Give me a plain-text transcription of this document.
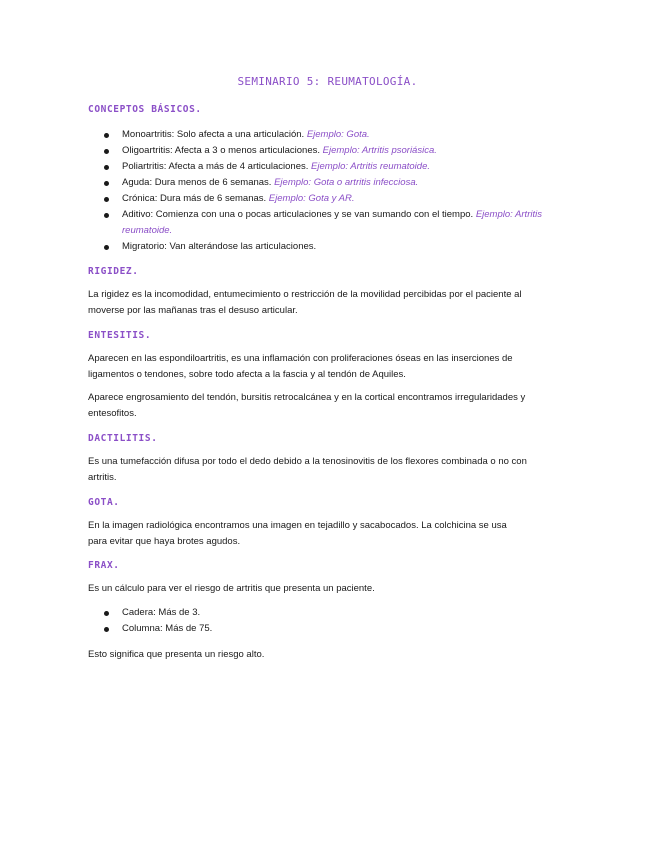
SEMINARIO 5: REUMATOLOGÍA.
CONCEPTOS BÁSICOS.
Monoartritis: Solo afecta a una articulación. Ejemplo: Gota.
Oligoartritis: Afecta a 3 o menos articulaciones. Ejemplo: Artritis psoriásica.
Poliartritis: Afecta a más de 4 articulaciones. Ejemplo: Artritis reumatoide.
Aguda: Dura menos de 6 semanas. Ejemplo: Gota o artritis infecciosa.
Crónica: Dura más de 6 semanas. Ejemplo: Gota y AR.
Aditivo: Comienza con una o pocas articulaciones y se van sumando con el tiempo. Ejemplo: Artritis reumatoide.
Migratorio: Van alterándose las articulaciones.
RIGIDEZ.
La rigidez es la incomodidad, entumecimiento o restricción de la movilidad percibidas por el paciente al moverse por las mañanas tras el desuso articular.
ENTESITIS.
Aparecen en las espondiloartritis, es una inflamación con proliferaciones óseas en las inserciones de ligamentos o tendones, sobre todo afecta a la fascia y al tendón de Aquiles.
Aparece engrosamiento del tendón, bursitis retrocalcánea y en la cortical encontramos irregularidades y entesofitos.
DACTILITIS.
Es una tumefacción difusa por todo el dedo debido a la tenosinovitis de los flexores combinada o no con artritis.
GOTA.
En la imagen radiológica encontramos una imagen en tejadillo y sacabocados. La colchicina se usa para evitar que haya brotes agudos.
FRAX.
Es un cálculo para ver el riesgo de artritis que presenta un paciente.
Cadera: Más de 3.
Columna: Más de 75.
Esto significa que presenta un riesgo alto.
